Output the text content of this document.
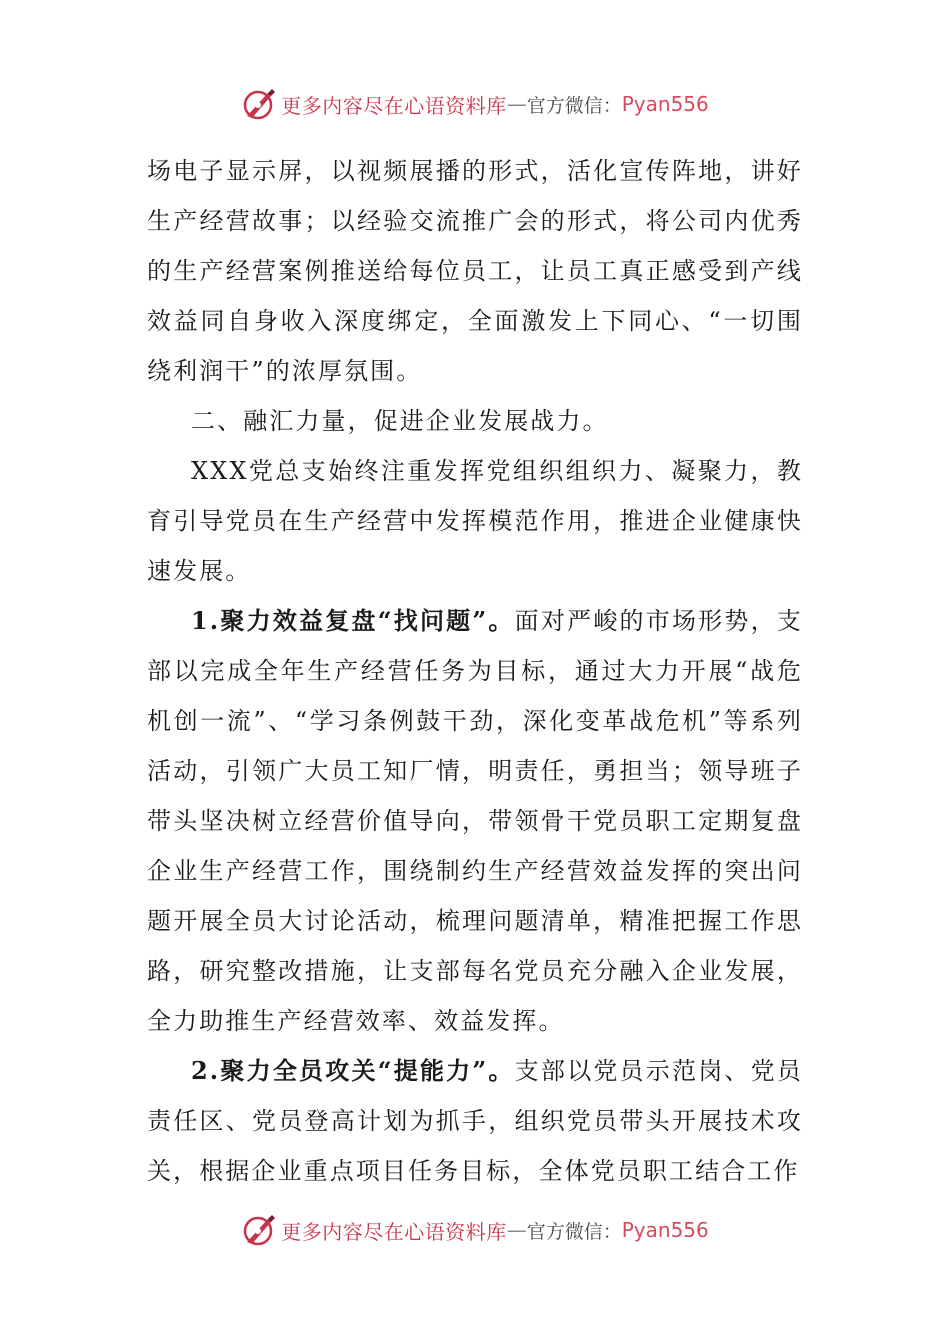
更多内容尽在心语资料库 — 官方微信： Pyan556

场电子显示屏，以视频展播的形式，活化宣传阵地，讲好生产经营故事；以经验交流推广会的形式，将公司内优秀的生产经营案例推送给每位员工，让员工真正感受到产线效益同自身收入深度绑定，全面激发上下同心、“一切围绕利润干”的浓厚氛围。

二、融汇力量，促进企业发展战力。

XXX党总支始终注重发挥党组织组织力、凝聚力，教育引导党员在生产经营中发挥模范作用，推进企业健康快速发展。

1.聚力效益复盘“找问题”。面对严峻的市场形势，支部以完成全年生产经营任务为目标，通过大力开展“战危机创一流”、“学习条例鼓干劲，深化变革战危机”等系列活动，引领广大员工知厂情，明责任，勇担当；领导班子带头坚决树立经营价值导向，带领骨干党员职工定期复盘企业生产经营工作，围绕制约生产经营效益发挥的突出问题开展全员大讨论活动，梳理问题清单，精准把握工作思路，研究整改措施，让支部每名党员充分融入企业发展，全力助推生产经营效率、效益发挥。

2.聚力全员攻关“提能力”。支部以党员示范岗、党员责任区、党员登高计划为抓手，组织党员带头开展技术攻关，根据企业重点项目任务目标，全体党员职工结合工作

更多内容尽在心语资料库 — 官方微信： Pyan556
